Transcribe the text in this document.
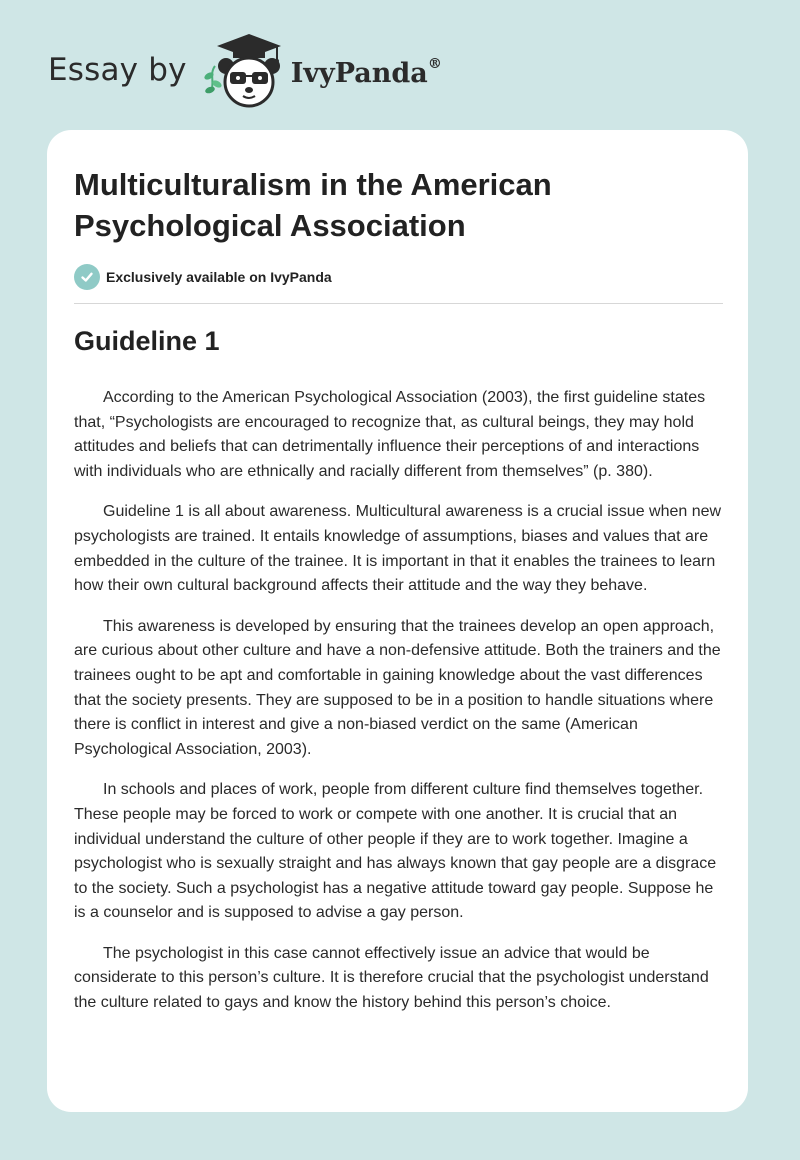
Essay by	IvyPanda®
Multiculturalism in the American Psychological Association
Exclusively available on IvyPanda
Guideline 1

According to the American Psychological Association (2003), the first guideline states that, “Psychologists are encouraged to recognize that, as cultural beings, they may hold attitudes and beliefs that can detrimentally influence their perceptions of and interactions with individuals who are ethnically and racially different from themselves” (p. 380).

Guideline 1 is all about awareness. Multicultural awareness is a crucial issue when new psychologists are trained. It entails knowledge of assumptions, biases and values that are embedded in the culture of the trainee. It is important in that it enables the trainees to learn how their own cultural background affects their attitude and the way they behave.

This awareness is developed by ensuring that the trainees develop an open approach, are curious about other culture and have a non-defensive attitude. Both the trainers and the trainees ought to be apt and comfortable in gaining knowledge about the vast differences that the society presents. They are supposed to be in a position to handle situations where there is conflict in interest and give a non-biased verdict on the same (American Psychological Association, 2003).

In schools and places of work, people from different culture find themselves together. These people may be forced to work or compete with one another. It is crucial that an individual understand the culture of other people if they are to work together. Imagine a psychologist who is sexually straight and has always known that gay people are a disgrace to the society. Such a psychologist has a negative attitude toward gay people. Suppose he is a counselor and is supposed to advise a gay person.

The psychologist in this case cannot effectively issue an advice that would be considerate to this person’s culture. It is therefore crucial that the psychologist understand the culture related to gays and know the history behind this person’s choice.
